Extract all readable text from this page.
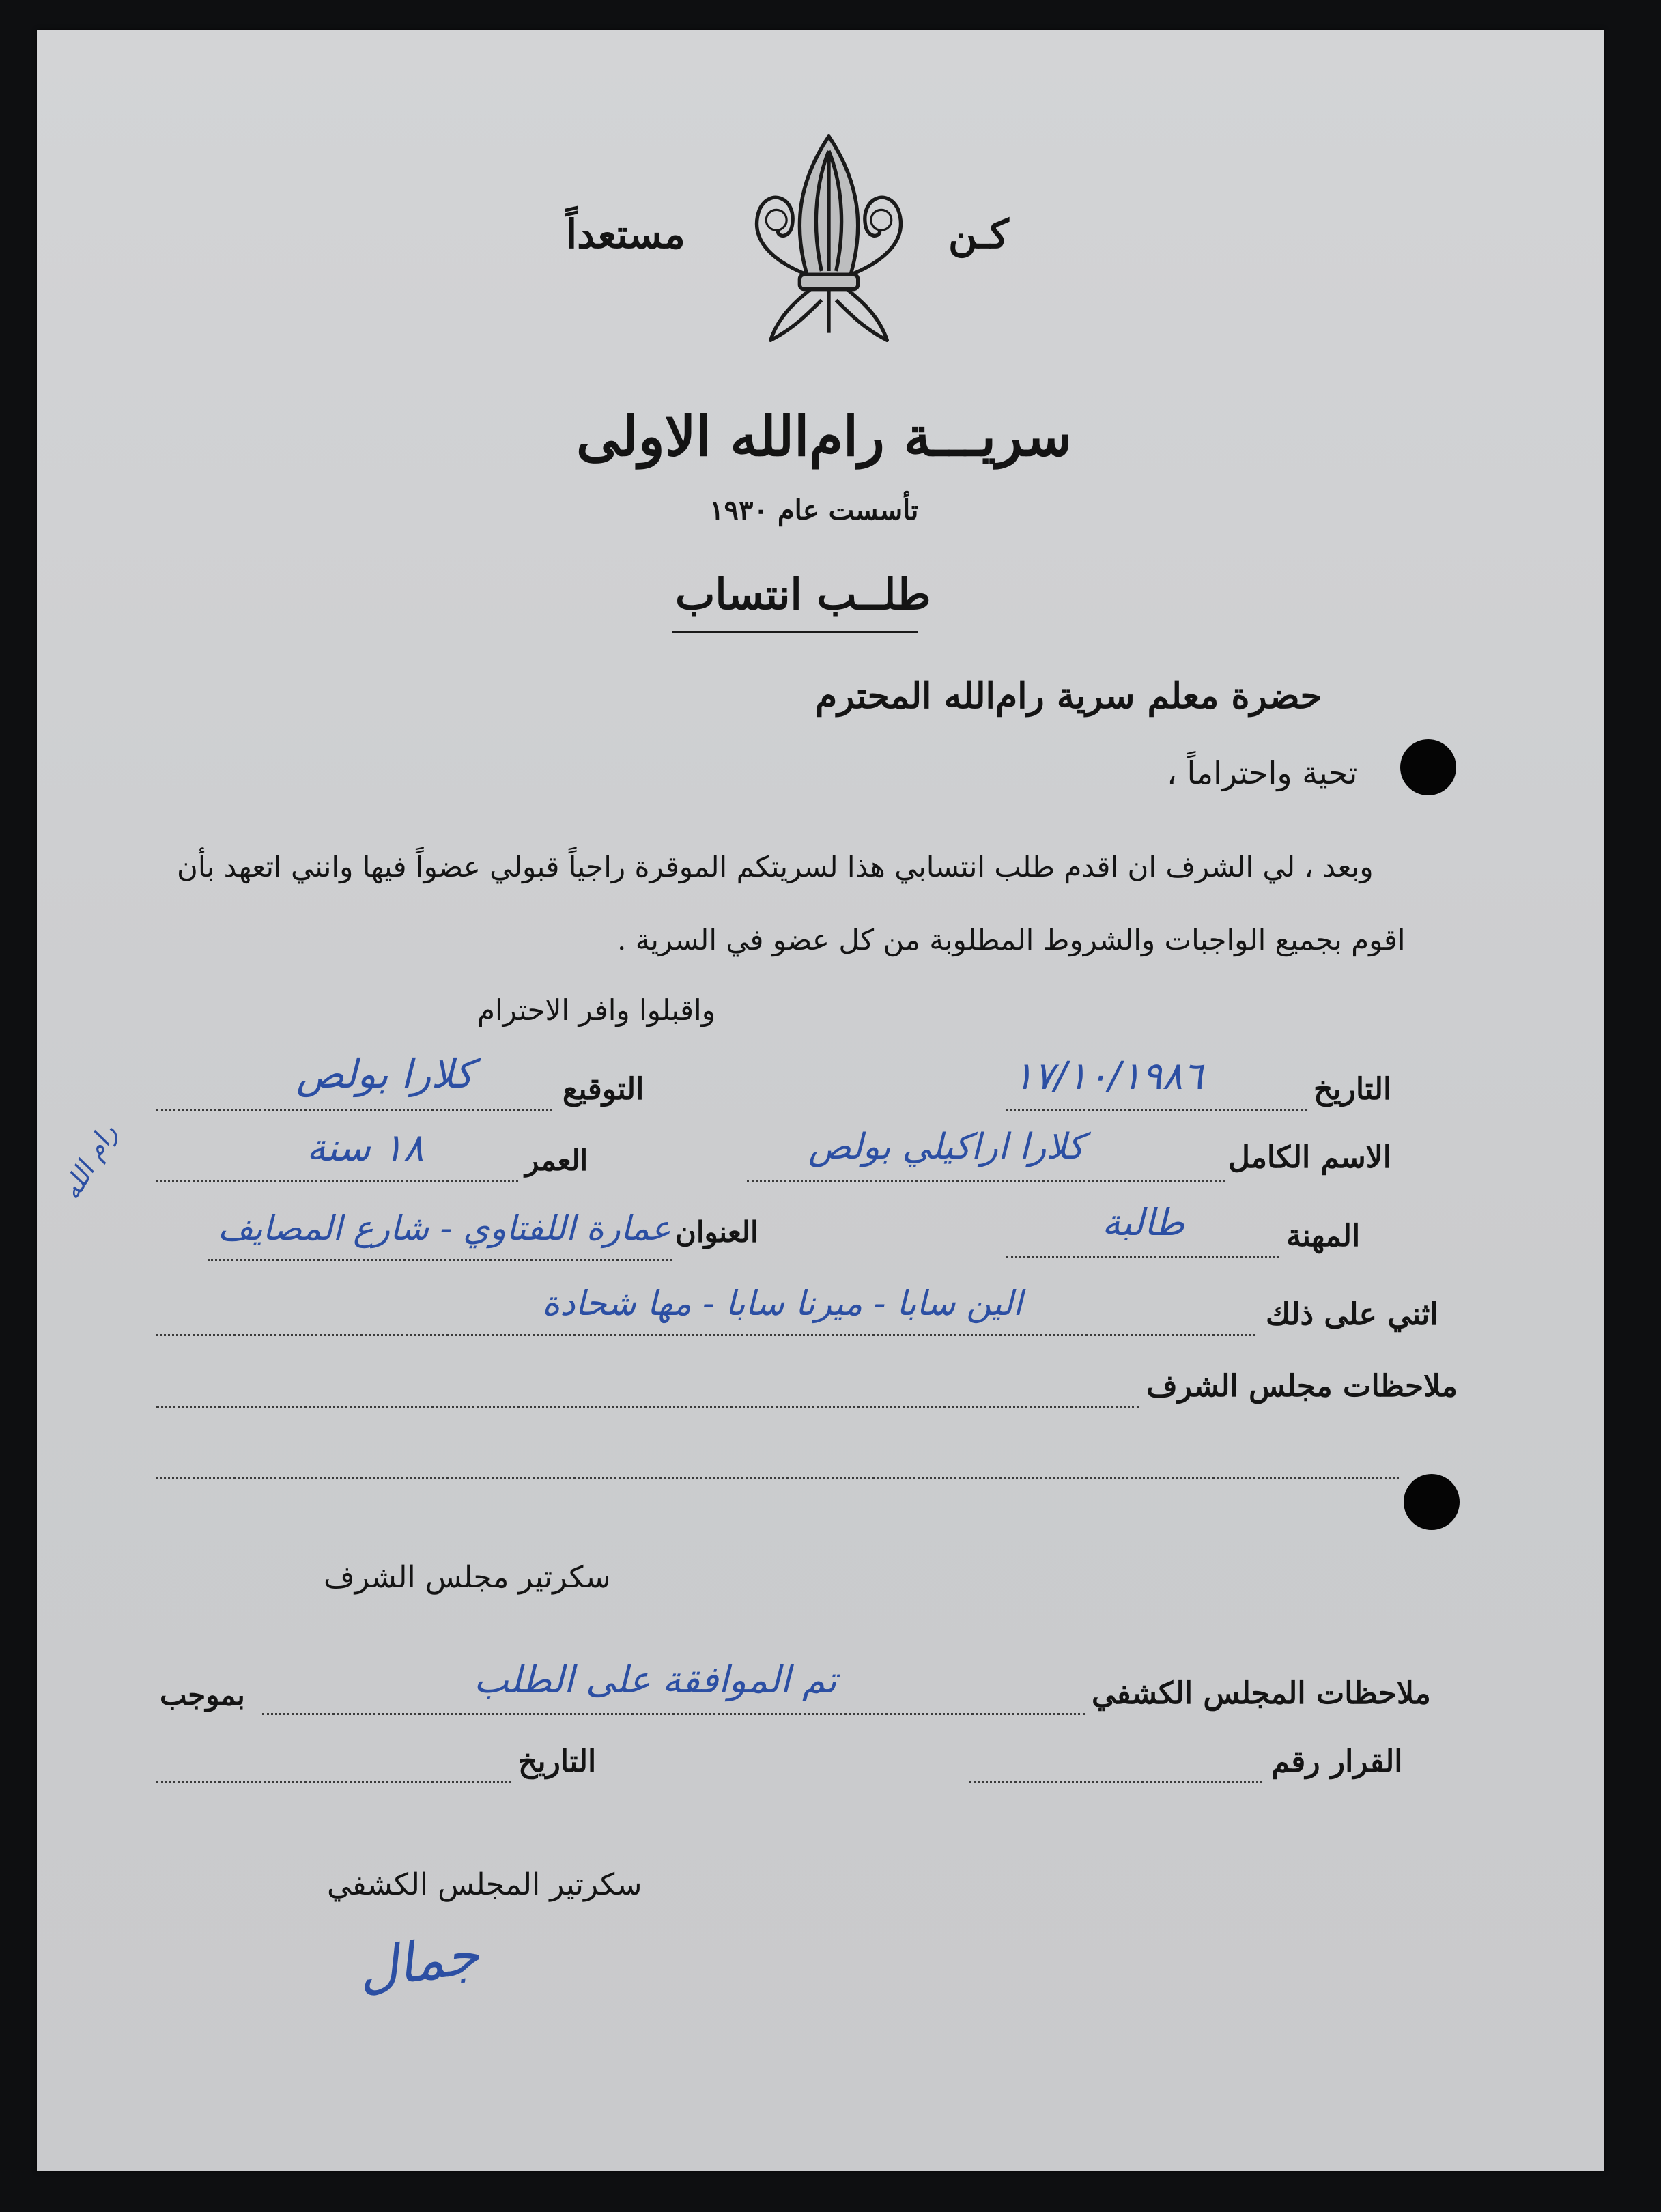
كـن
مستعداً
سريـــة رام‌الله الاولى
تأسست عام ١٩٣٠
طلــب انتساب
حضرة معلم سرية رام‌الله المحترم
تحية واحتراماً ،
وبعد ، لي الشرف ان اقدم طلب انتسابي هذا لسريتكم الموقرة راجياً قبولي عضواً فيها وانني اتعهد بأن
اقوم بجميع الواجبات والشروط المطلوبة من كل عضو في السرية .
واقبلوا وافر الاحترام
التاريخ
١٧/١٠/١٩٨٦
التوقيع
كلارا بولص
الاسم الكامل
كلارا اراكيلي بولص
العمر
١٨ سنة
المهنة
طالبة
العنوان
عمارة اللفتاوي - شارع المصايف
رام الله
اثني على ذلك
الين سابا - ميرنا سابا - مها شحادة
ملاحظات مجلس الشرف
سكرتير مجلس الشرف
ملاحظات المجلس الكشفي
تم الموافقة على الطلب
بموجب
القرار رقم
التاريخ
سكرتير المجلس الكشفي
جمال
